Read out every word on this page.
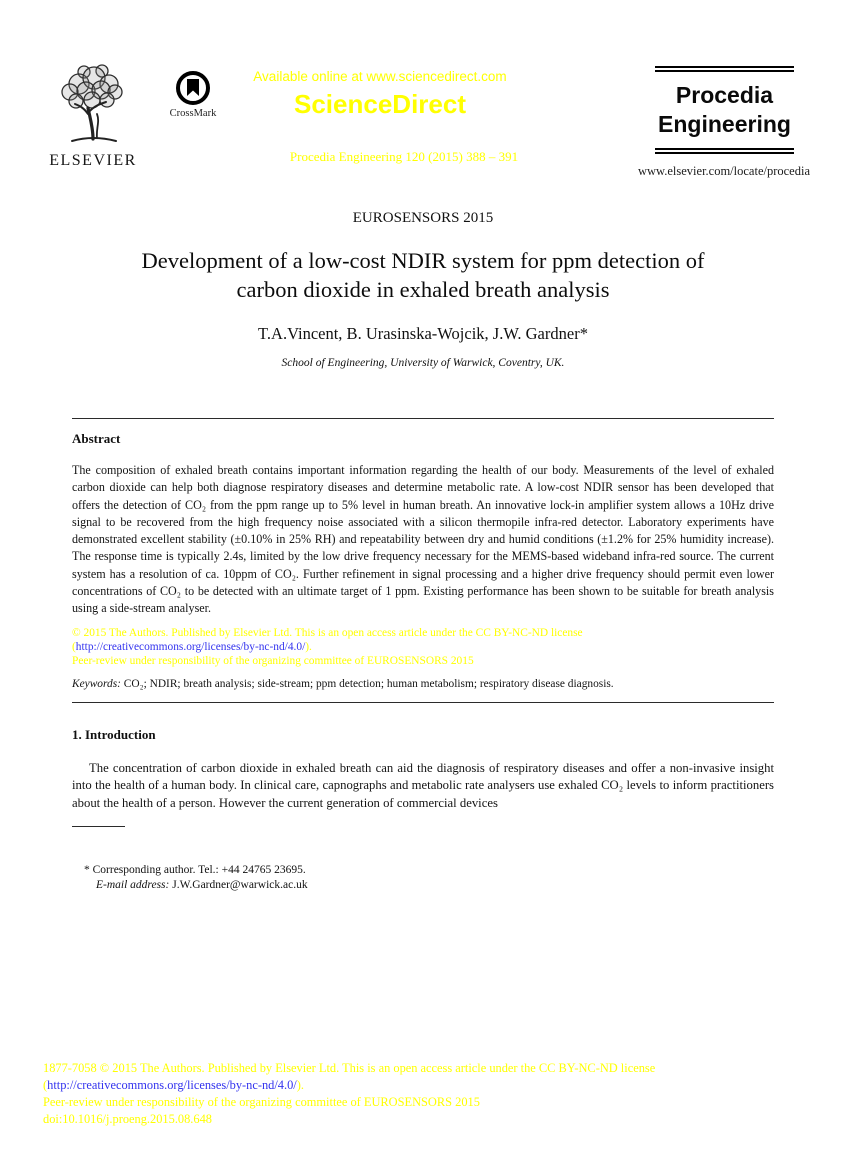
ELSEVIER
CrossMark
Available online at www.sciencedirect.com
ScienceDirect
Procedia Engineering 120 (2015) 388 – 391
Procedia
Engineering
www.elsevier.com/locate/procedia
EUROSENSORS 2015
Development of a low-cost NDIR system for ppm detection of
carbon dioxide in exhaled breath analysis
T.A.Vincent, B. Urasinska-Wojcik, J.W. Gardner*
School of Engineering, University of Warwick, Coventry, UK.
Abstract
The composition of exhaled breath contains important information regarding the health of our body. Measurements of the level of exhaled carbon dioxide can help both diagnose respiratory diseases and determine metabolic rate. A low-cost NDIR sensor has been developed that offers the detection of CO₂ from the ppm range up to 5% level in human breath. An innovative lock-in amplifier system allows a 10Hz drive signal to be recovered from the high frequency noise associated with a silicon thermopile infra-red detector. Laboratory experiments have demonstrated excellent stability (±0.10% in 25% RH) and repeatability between dry and humid conditions (±1.2% for 25% humidity increase). The response time is typically 2.4s, limited by the low drive frequency necessary for the MEMS-based wideband infra-red source. The current system has a resolution of ca. 10ppm of CO₂. Further refinement in signal processing and a higher drive frequency should permit even lower concentrations of CO₂ to be detected with an ultimate target of 1 ppm. Existing performance has been shown to be suitable for breath analysis using a side-stream analyser.
© 2015 The Authors. Published by Elsevier Ltd. This is an open access article under the CC BY-NC-ND license
(http://creativecommons.org/licenses/by-nc-nd/4.0/).
Peer-review under responsibility of the organizing committee of EUROSENSORS 2015
Keywords: CO₂; NDIR; breath analysis; side-stream; ppm detection; human metabolism; respiratory disease diagnosis.
1. Introduction
The concentration of carbon dioxide in exhaled breath can aid the diagnosis of respiratory diseases and offer a non-invasive insight into the health of a human body. In clinical care, capnographs and metabolic rate analysers use exhaled CO₂ levels to inform practitioners about the health of a person. However the current generation of commercial devices
* Corresponding author. Tel.: +44 24765 23695.
E-mail address: J.W.Gardner@warwick.ac.uk
1877-7058 © 2015 The Authors. Published by Elsevier Ltd. This is an open access article under the CC BY-NC-ND license
(http://creativecommons.org/licenses/by-nc-nd/4.0/).
Peer-review under responsibility of the organizing committee of EUROSENSORS 2015
doi:10.1016/j.proeng.2015.08.648
